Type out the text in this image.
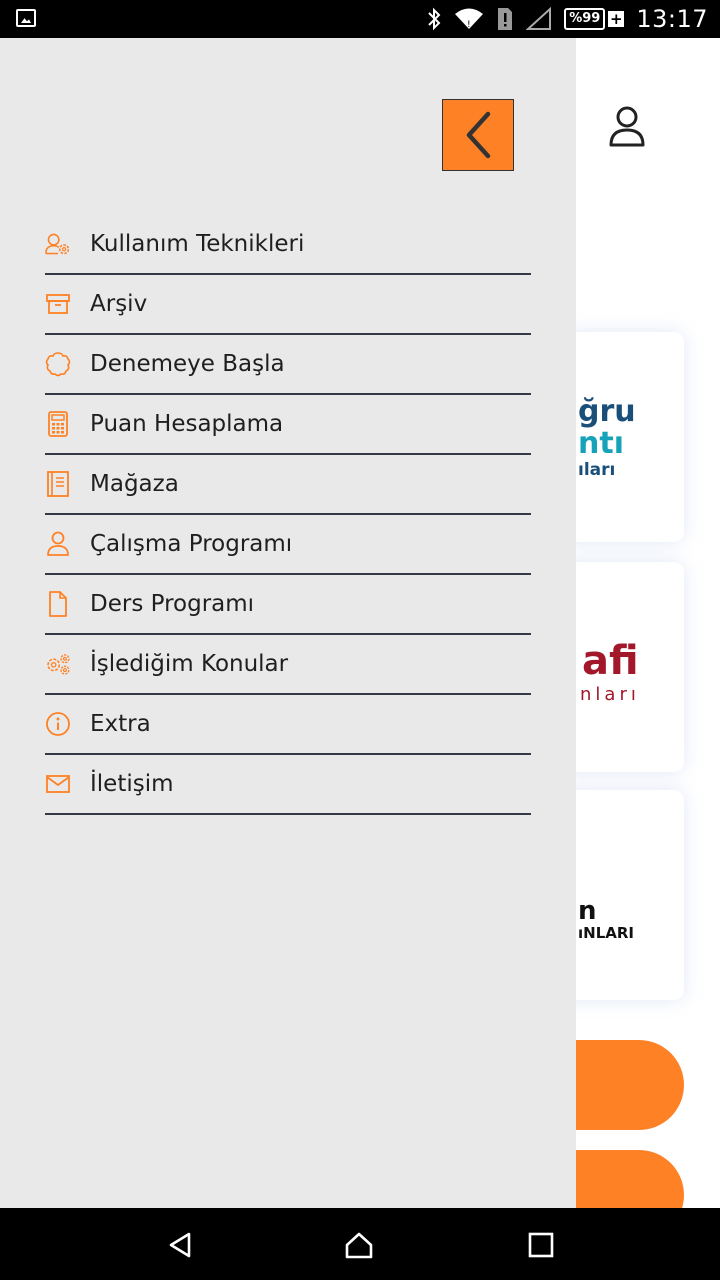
!	%99 + 13:17
ğru
ntı
ıları
afi
nları
n
ıNLARI
Kullanım Teknikleri
Arşiv
Denemeye Başla
Puan Hesaplama
Mağaza
Çalışma Programı
Ders Programı
İşlediğim Konular
Extra
İletişim
